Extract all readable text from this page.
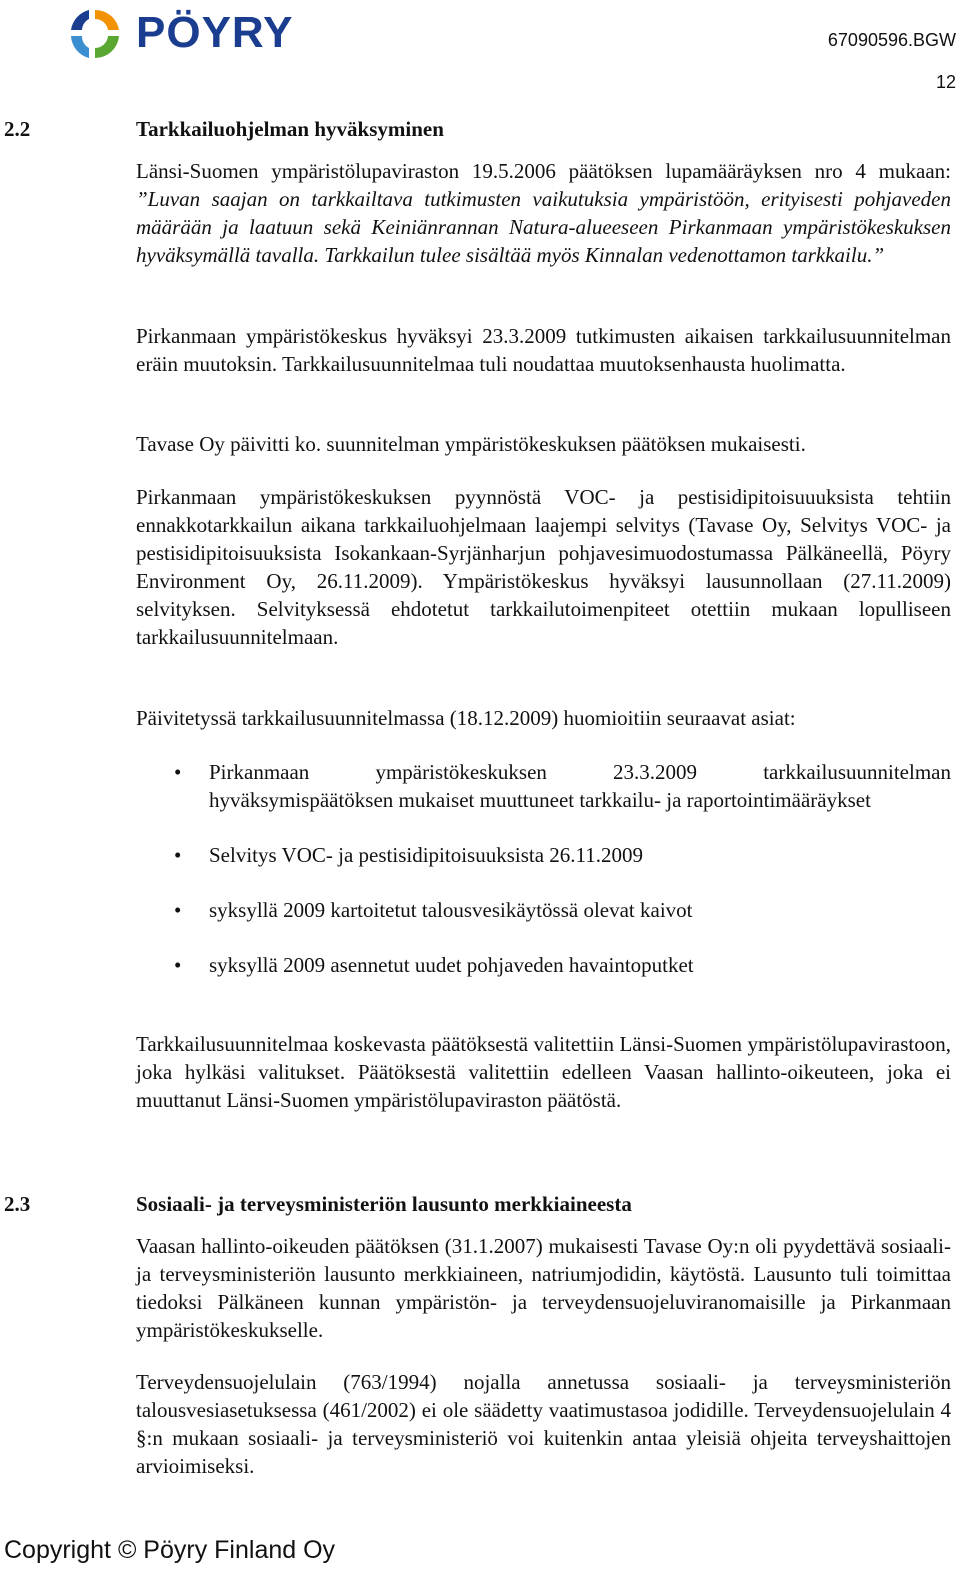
PÖYRY	67090596.BGW
12
2.2	Tarkkailuohjelman hyväksyminen

Länsi-Suomen ympäristölupaviraston 19.5.2006 päätöksen lupamääräyksen nro 4 mukaan: ”Luvan saajan on tarkkailtava tutkimusten vaikutuksia ympäristöön, erityisesti pohjaveden määrään ja laatuun sekä Keiniänrannan Natura-alueeseen Pirkanmaan ympäristökeskuksen hyväksymällä tavalla. Tarkkailun tulee sisältää myös Kinnalan vedenottamon tarkkailu.”

Pirkanmaan ympäristökeskus hyväksyi 23.3.2009 tutkimusten aikaisen tarkkailusuunnitelman eräin muutoksin. Tarkkailusuunnitelmaa tuli noudattaa muutoksenhausta huolimatta.
Tavase Oy päivitti ko. suunnitelman ympäristökeskuksen päätöksen mukaisesti.
Pirkanmaan ympäristökeskuksen pyynnöstä VOC- ja pestisidipitoisuuuksista tehtiin ennakkotarkkailun aikana tarkkailuohjelmaan laajempi selvitys (Tavase Oy, Selvitys VOC- ja pestisidipitoisuuksista Isokankaan-Syrjänharjun pohjavesimuodostumassa Pälkäneellä, Pöyry Environment Oy, 26.11.2009). Ympäristökeskus hyväksyi lausunnollaan (27.11.2009) selvityksen. Selvityksessä ehdotetut tarkkailutoimenpiteet otettiin mukaan lopulliseen tarkkailusuunnitelmaan.
Päivitetyssä tarkkailusuunnitelmassa (18.12.2009) huomioitiin seuraavat asiat:
• Pirkanmaan ympäristökeskuksen 23.3.2009 tarkkailusuunnitelman hyväksymispäätöksen mukaiset muuttuneet tarkkailu- ja raportointimääräykset
• Selvitys VOC- ja pestisidipitoisuuksista 26.11.2009
• syksyllä 2009 kartoitetut talousvesikäytössä olevat kaivot
• syksyllä 2009 asennetut uudet pohjaveden havaintoputket
Tarkkailusuunnitelmaa koskevasta päätöksestä valitettiin Länsi-Suomen ympäristölupavirastoon, joka hylkäsi valitukset. Päätöksestä valitettiin edelleen Vaasan hallinto-oikeuteen, joka ei muuttanut Länsi-Suomen ympäristölupaviraston päätöstä.
2.3	Sosiaali- ja terveysministeriön lausunto merkkiaineesta
Vaasan hallinto-oikeuden päätöksen (31.1.2007) mukaisesti Tavase Oy:n oli pyydettävä sosiaali- ja terveysministeriön lausunto merkkiaineen, natriumjodidin, käytöstä. Lausunto tuli toimittaa tiedoksi Pälkäneen kunnan ympäristön- ja terveydensuojeluviranomaisille ja Pirkanmaan ympäristökeskukselle.
Terveydensuojelulain (763/1994) nojalla annetussa sosiaali- ja terveysministeriön talousvesiasetuksessa (461/2002) ei ole säädetty vaatimustasoa jodidille. Terveydensuojelulain 4 §:n mukaan sosiaali- ja terveysministeriö voi kuitenkin antaa yleisiä ohjeita terveyshaittojen arvioimiseksi.
Copyright © Pöyry Finland Oy
